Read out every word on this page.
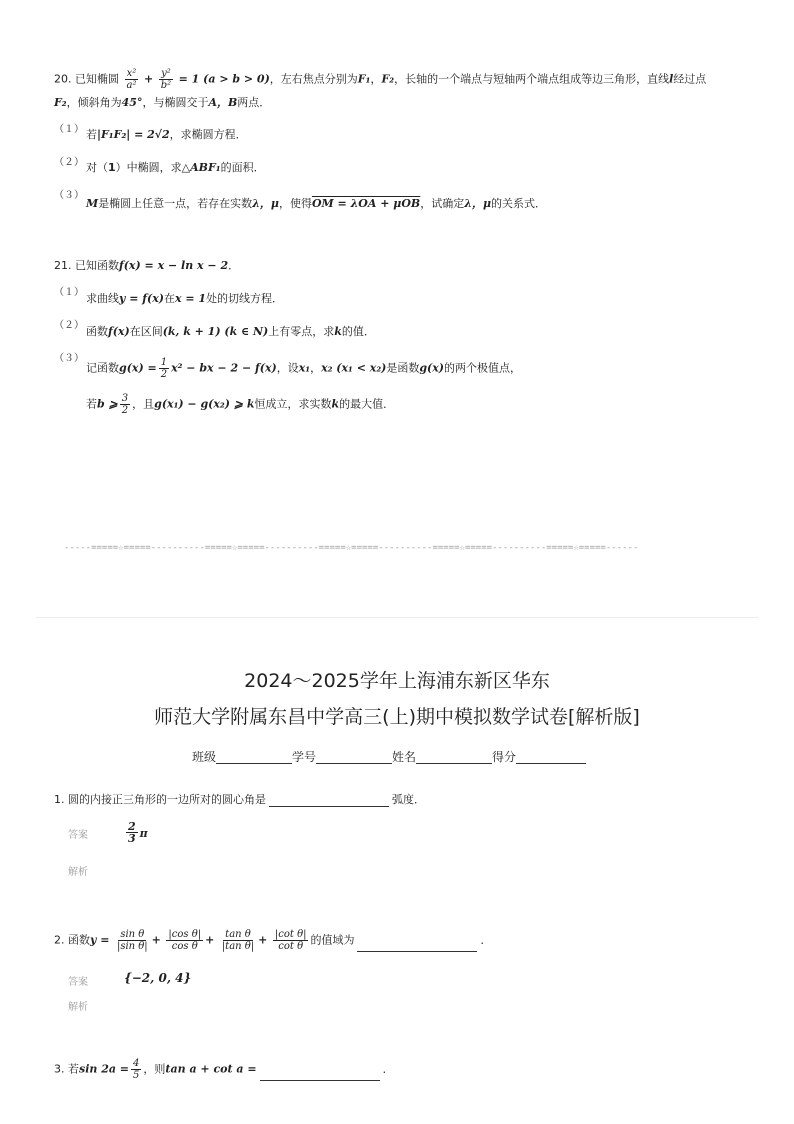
20. 已知椭圆 $\frac{\text{x²}}{\text{a²}} + \frac{\text{y²}}{\text{b²}} = 1$ (a > b > 0)，左右焦点分别为F₁，F₂，长轴的一个端点与短轴两个端点组成等边三角形，直线l经过点
F₂，倾斜角为45°，与椭圆交于A，B两点．
（１） 若|F₁F₂| = 2√2，求椭圆方程．
（２） 对（1）中椭圆，求△ABF₁的面积．
（３）
M是椭圆上任意一点，若存在实数λ，μ，使得OM = λOA + μOB，试确定λ，μ的关系式．
21. 已知函数f(x) = x − ln x − 2．
（１） 求曲线y = f(x)在x = 1处的切线方程．
（２） 函数f(x)在区间(k, k + 1) (k ∈ N)上有零点，求k的值．
（３）
记函数$g(x) = \frac{1}{2} x^2$ − bx − 2 − f(x)，设x₁，x₂ (x₁ < x₂)是函数g(x)的两个极值点，
若b ⩾ $\frac{3}{2}$ ，且g(x₁) − g(x₂) ⩾ k恒成立，求实数k的最大值．
-----=====☆=====----------=====☆=====----------=====☆=====----------=====☆=====----------=====☆=====------
2024～2025学年上海浦东新区华东
师范大学附属东昌中学高三(上)期中模拟数学试卷[解析版]
班级	学号	姓名	得分
1. 圆的内接正三角形的一边所对的圆心角是	弧度．
答案	$\frac{2}{3}$ π
解析
2. 函数$y = \frac{\text{sin θ}}{\text{|sin θ|}} + \frac{\text{|cos θ|}}{\text{cos θ}} + \frac{\text{tan θ}}{\text{|tan θ|}} + \frac{\text{|cot θ|}}{\text{cot θ}}$ 的值域为	．
答案	{−2, 0, 4}
解析
3. 若$\sin 2a = \frac{4}{5}$ ，则tan a + cot a =	．
